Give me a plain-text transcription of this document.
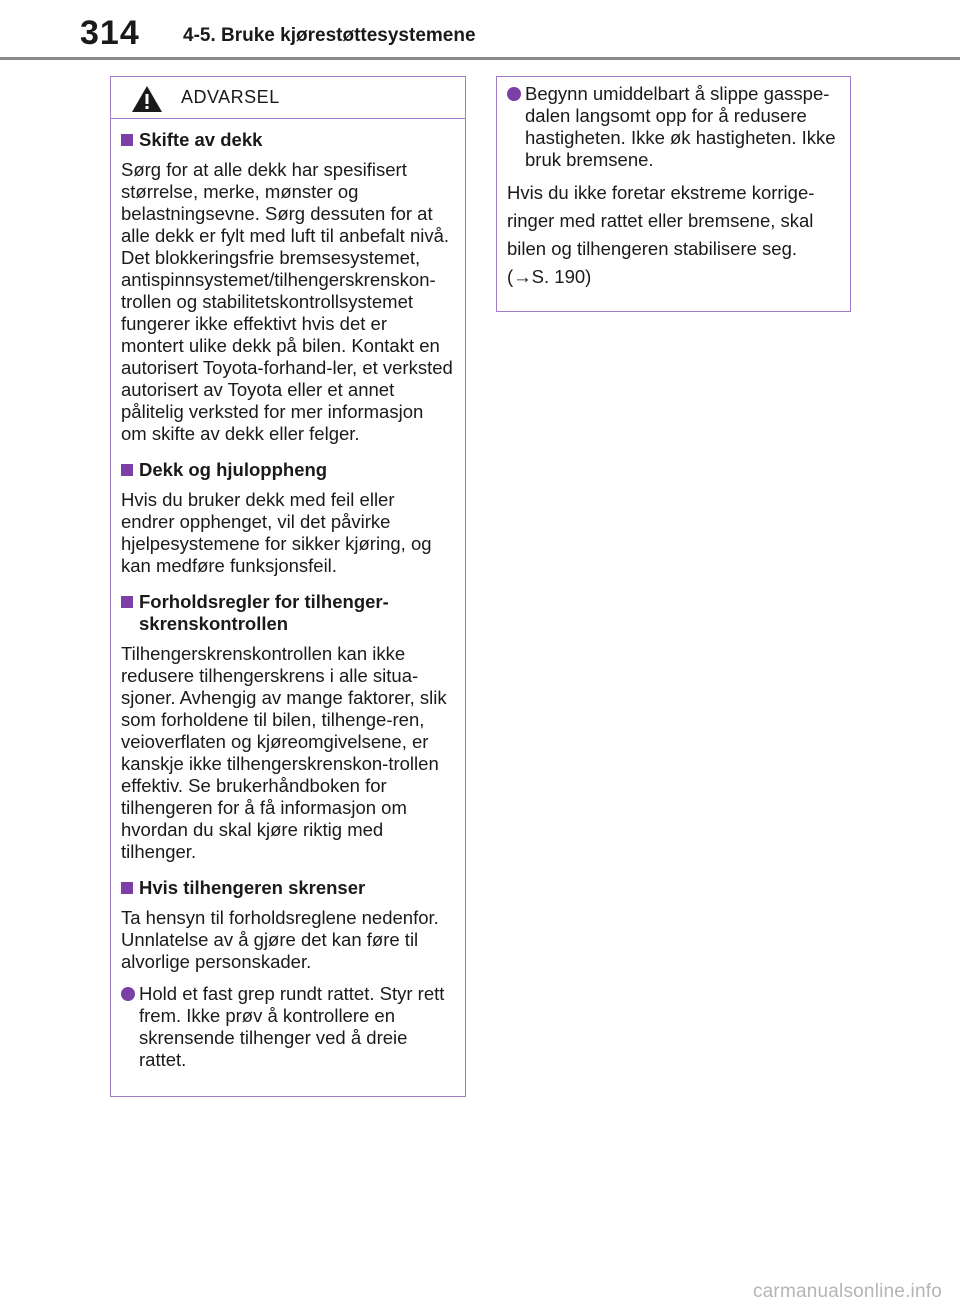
314 4-5. Bruke kjørestøttesystemene
ADVARSEL
Skifte av dekk

Sørg for at alle dekk har spesifisert størrelse, merke, mønster og belastningsevne. Sørg dessuten for at alle dekk er fylt med luft til anbefalt nivå. Det blokkeringsfrie bremsesystemet, antispinnsystemet/tilhengerskrenskon-trollen og stabilitetskontrollsystemet fungerer ikke effektivt hvis det er montert ulike dekk på bilen. Kontakt en autorisert Toyota-forhand-ler, et verksted autorisert av Toyota eller et annet pålitelig verksted for mer informasjon om skifte av dekk eller felger.

Dekk og hjuloppheng

Hvis du bruker dekk med feil eller endrer opphenget, vil det påvirke hjelpesystemene for sikker kjøring, og kan medføre funksjonsfeil.

Forholdsregler for tilhenger-skrenskontrollen

Tilhengerskrenskontrollen kan ikke redusere tilhengerskrens i alle situa-sjoner. Avhengig av mange faktorer, slik som forholdene til bilen, tilhenge-ren, veioverflaten og kjøreomgivelsene, er kanskje ikke tilhengerskrenskon-trollen effektiv. Se brukerhåndboken for tilhengeren for å få informasjon om hvordan du skal kjøre riktig med tilhenger.

Hvis tilhengeren skrenser

Ta hensyn til forholdsreglene nedenfor. Unnlatelse av å gjøre det kan føre til alvorlige personskader.

Hold et fast grep rundt rattet. Styr rett frem. Ikke prøv å kontrollere en skrensende tilhenger ved å dreie rattet.
Begynn umiddelbart å slippe gasspe-dalen langsomt opp for å redusere hastigheten. Ikke øk hastigheten. Ikke bruk bremsene.
Hvis du ikke foretar ekstreme korrige-
ringer med rattet eller bremsene, skal
bilen og tilhengeren stabilisere seg.
(→S. 190)
carmanualsonline.info
